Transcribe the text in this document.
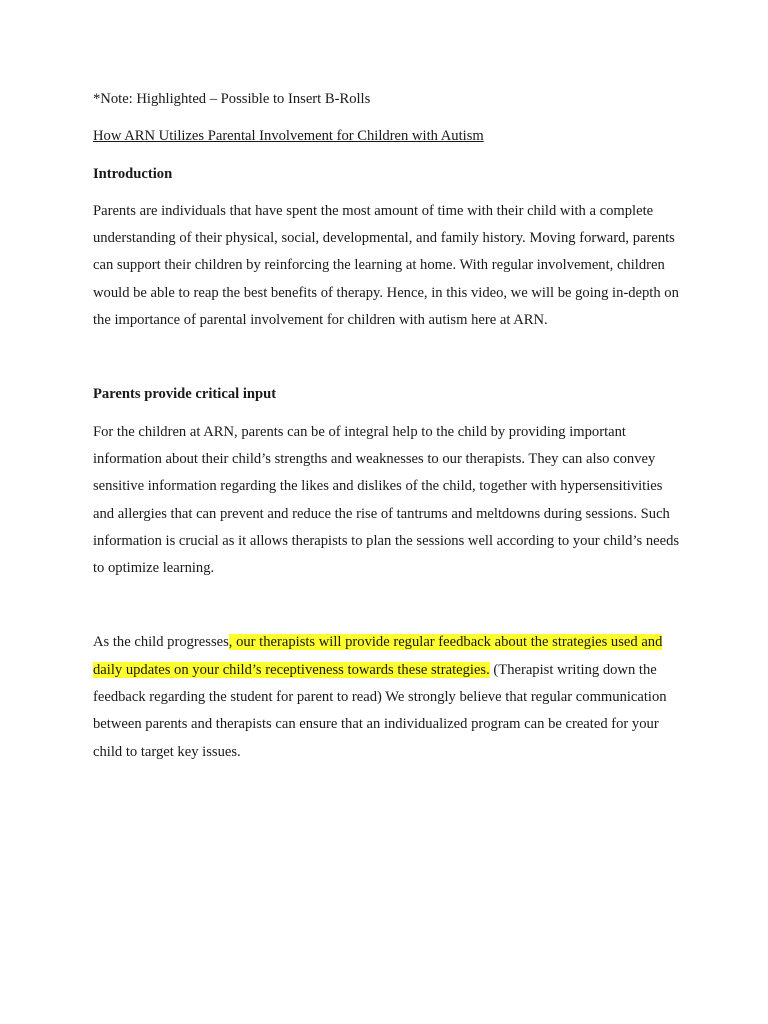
*Note: Highlighted – Possible to Insert B-Rolls

How ARN Utilizes Parental Involvement for Children with Autism

Introduction

Parents are individuals that have spent the most amount of time with their child with a complete understanding of their physical, social, developmental, and family history. Moving forward, parents can support their children by reinforcing the learning at home. With regular involvement, children would be able to reap the best benefits of therapy. Hence, in this video, we will be going in-depth on the importance of parental involvement for children with autism here at ARN.

Parents provide critical input

For the children at ARN, parents can be of integral help to the child by providing important information about their child’s strengths and weaknesses to our therapists. They can also convey sensitive information regarding the likes and dislikes of the child, together with hypersensitivities and allergies that can prevent and reduce the rise of tantrums and meltdowns during sessions. Such information is crucial as it allows therapists to plan the sessions well according to your child’s needs to optimize learning.

As the child progresses, our therapists will provide regular feedback about the strategies used and daily updates on your child’s receptiveness towards these strategies. (Therapist writing down the feedback regarding the student for parent to read) We strongly believe that regular communication between parents and therapists can ensure that an individualized program can be created for your child to target key issues.
